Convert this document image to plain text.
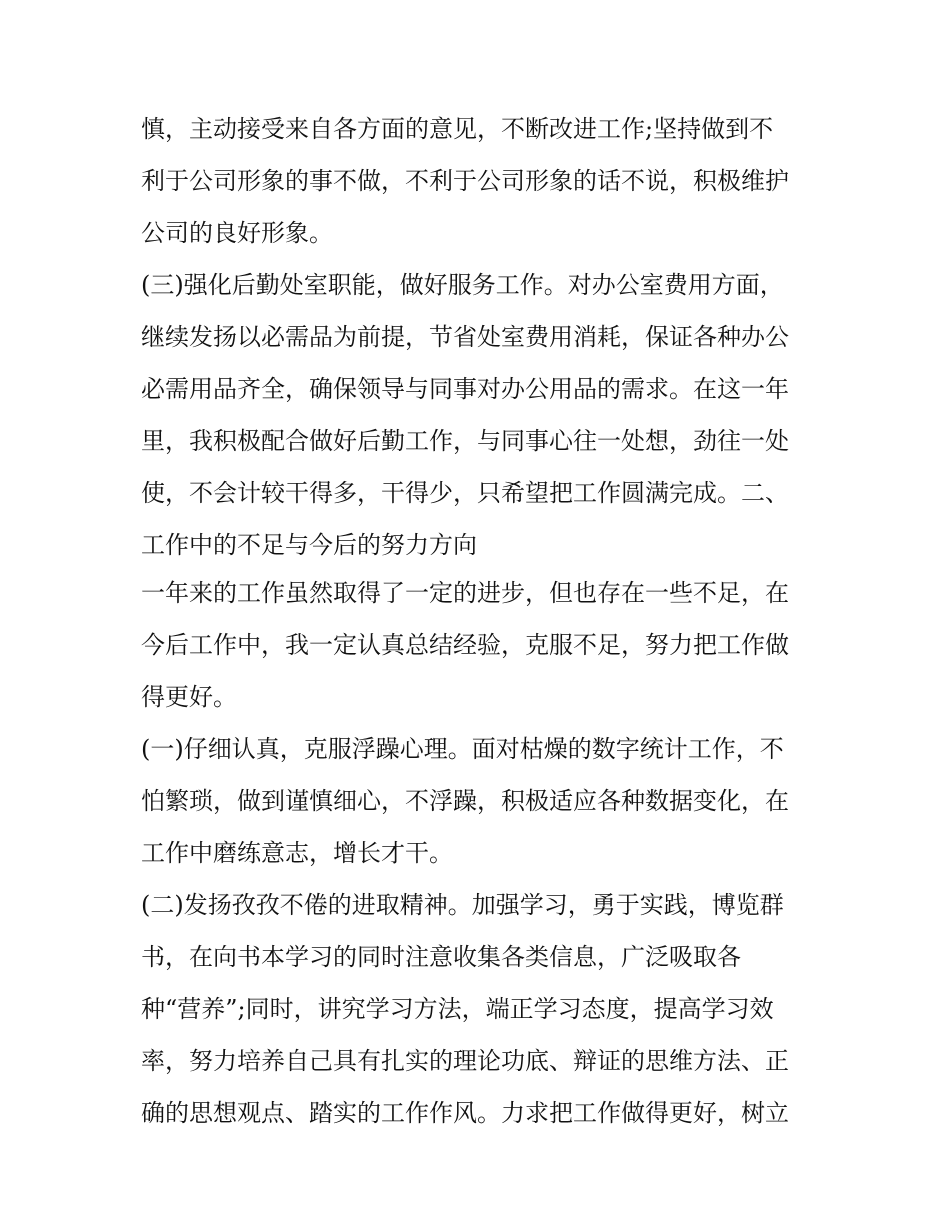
慎，主动接受来自各方面的意见，不断改进工作;坚持做到不
利于公司形象的事不做，不利于公司形象的话不说，积极维护
公司的良好形象。
(三)强化后勤处室职能，做好服务工作。对办公室费用方面，
继续发扬以必需品为前提，节省处室费用消耗，保证各种办公
必需用品齐全，确保领导与同事对办公用品的需求。在这一年
里，我积极配合做好后勤工作，与同事心往一处想，劲往一处
使，不会计较干得多，干得少，只希望把工作圆满完成。二、
工作中的不足与今后的努力方向
一年来的工作虽然取得了一定的进步，但也存在一些不足，在
今后工作中，我一定认真总结经验，克服不足，努力把工作做
得更好。
(一)仔细认真，克服浮躁心理。面对枯燥的数字统计工作，不
怕繁琐，做到谨慎细心，不浮躁，积极适应各种数据变化，在
工作中磨练意志，增长才干。
(二)发扬孜孜不倦的进取精神。加强学习，勇于实践，博览群
书，在向书本学习的同时注意收集各类信息，广泛吸取各
种“营养”;同时，讲究学习方法，端正学习态度，提高学习效
率，努力培养自己具有扎实的理论功底、辩证的思维方法、正
确的思想观点、踏实的工作作风。力求把工作做得更好，树立
